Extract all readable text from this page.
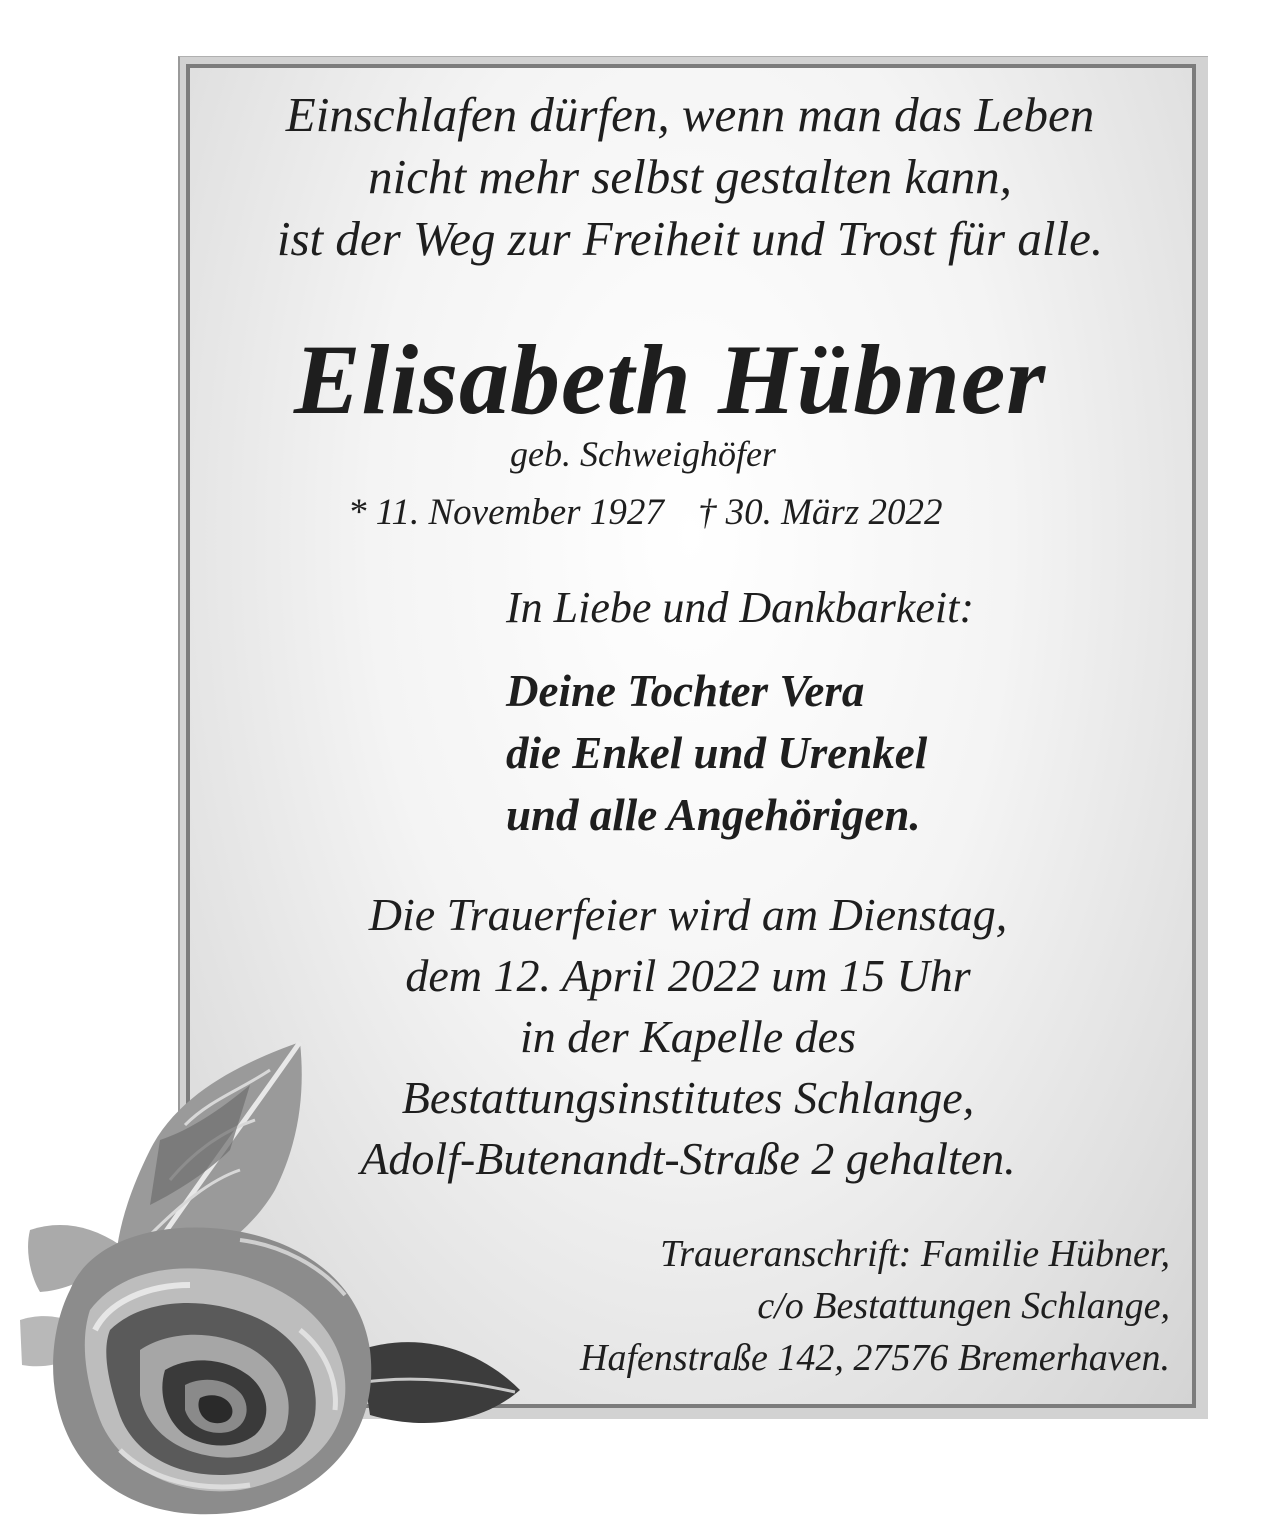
Einschlafen dürfen, wenn man das Leben
nicht mehr selbst gestalten kann,
ist der Weg zur Freiheit und Trost für alle.
Elisabeth Hübner
geb. Schweighöfer
* 11. November 1927 † 30. März 2022
In Liebe und Dankbarkeit:
Deine Tochter Vera
die Enkel und Urenkel
und alle Angehörigen.
Die Trauerfeier wird am Dienstag,
dem 12. April 2022 um 15 Uhr
in der Kapelle des
Bestattungsinstitutes Schlange,
Adolf-Butenandt-Straße 2 gehalten.
Traueranschrift: Familie Hübner,
c/o Bestattungen Schlange,
Hafenstraße 142, 27576 Bremerhaven.
